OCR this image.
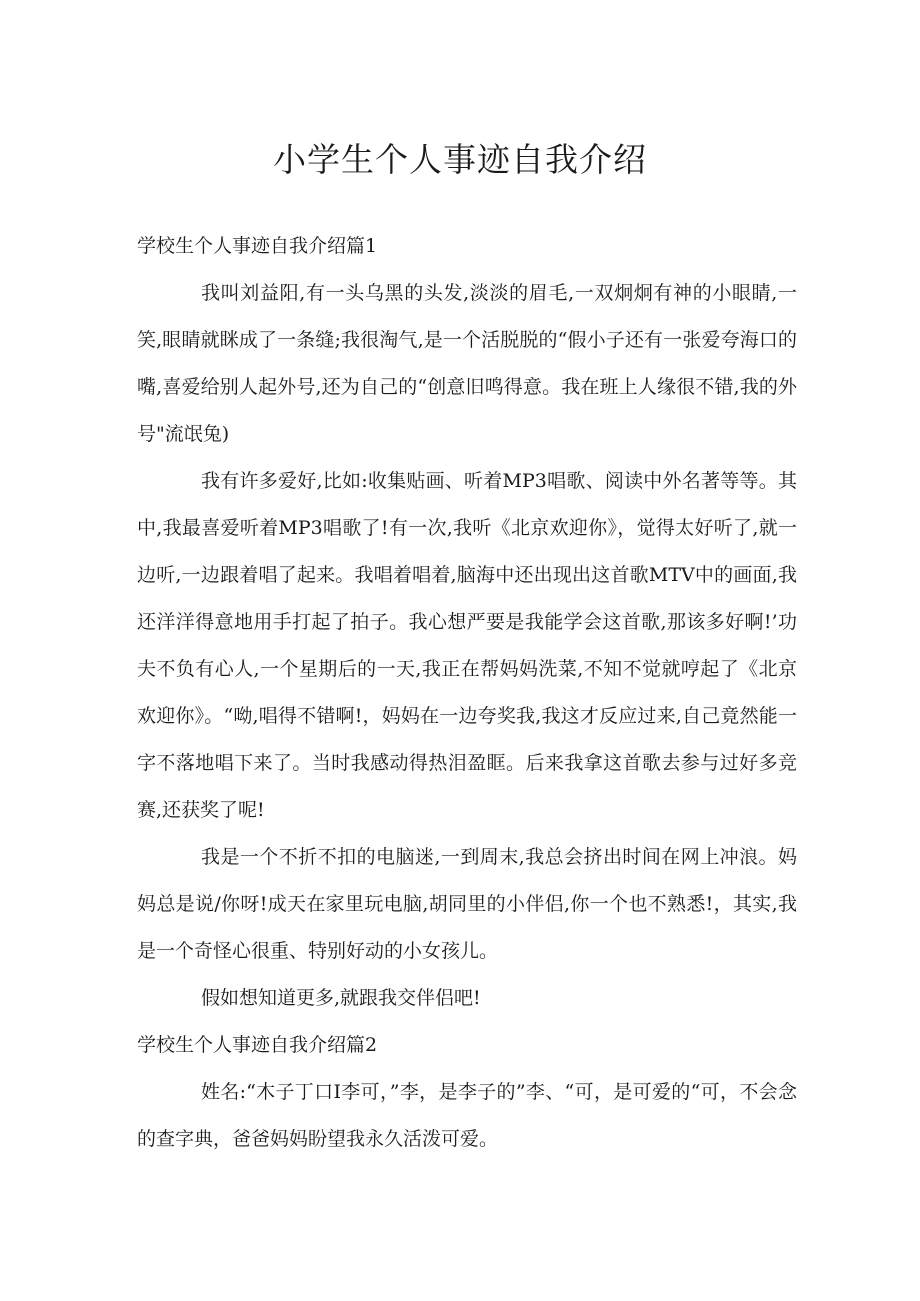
小学生个人事迹自我介绍

学校生个人事迹自我介绍篇1

我叫刘益阳,有一头乌黑的头发,淡淡的眉毛,一双炯炯有神的小眼睛,一笑,眼睛就眯成了一条缝;我很淘气,是一个活脱脱的“假小子还有一张爱夸海口的嘴,喜爱给别人起外号,还为自己的“创意旧鸣得意。我在班上人缘很不错,我的外号"流氓兔)

我有许多爱好,比如:收集贴画、听着MP3唱歌、阅读中外名著等等。其中,我最喜爱听着MP3唱歌了!有一次,我听《北京欢迎你》，觉得太好听了,就一边听,一边跟着唱了起来。我唱着唱着,脑海中还出现出这首歌MTV中的画面,我还洋洋得意地用手打起了拍子。我心想严要是我能学会这首歌,那该多好啊!’功夫不负有心人,一个星期后的一天,我正在帮妈妈洗菜,不知不觉就哼起了《北京欢迎你》。“呦,唱得不错啊!，妈妈在一边夸奖我,我这才反应过来,自己竟然能一字不落地唱下来了。当时我感动得热泪盈眶。后来我拿这首歌去参与过好多竞赛,还获奖了呢!

我是一个不折不扣的电脑迷,一到周末,我总会挤出时间在网上冲浪。妈妈总是说/你呀!成天在家里玩电脑,胡同里的小伴侣,你一个也不熟悉!，其实,我是一个奇怪心很重、特别好动的小女孩儿。

假如想知道更多,就跟我交伴侣吧!

学校生个人事迹自我介绍篇2

姓名:“木子丁口I李可，”李，是李子的”李、“可，是可爱的“可，不会念的查字典，爸爸妈妈盼望我永久活泼可爱。
